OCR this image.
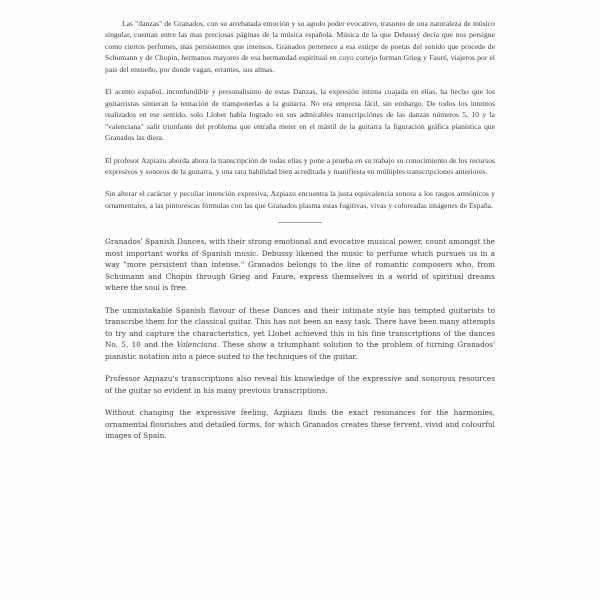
Las "danzas" de Granados, con su arrebatada emoción y su agudo poder evocativo, trasunto de una naturaleza de músico singular, cuentan entre las mas preciosas páginas de la música española. Música de la que Debussy decía que nos persigue como ciertos perfumes, mas persistentes que intensos. Granados pertenece a esa estirpe de poetas del sonido que procede de Schumann y de Chopin, hermanos mayores de esa hermandad espiritual en cuyo cortejo forman Grieg y Fauré, viajeros por el pais del ensueño, por donde vagan, errantes, sus almas.

El acento español, inconfundible y personalisimo de estas Danzas, la expresión intima cuajada en ellas, ha hecho que los guitarristas sintieran la tentación de transponerlas a la guitarra. No era empresa fácil, sin embargo. De todos los intentos realizados en ese sentido, solo Llobet había logrado en sus admirables transcripciónes de las danzas números 5, 10 y la "valenciana" salir triunfante del problema que entraña meter en el mástil de la guitarra la figuración gráfica pianística que Granados las diera.

El profesor Azpiazu aborda ahora la transcripción de todas ellas y pone a prueba en su trabajo su conocimiento de los recursos expresivos y sonoros de la guitarra, y una rara habilidad bien acreditada y manifiesta en múltiples transcripciones anteriores.

Sin alterar el carácter y peculiar intención expresiva, Azpiazu encuentra la justa equivalencia sonora a los rasgos armónicos y ornamentales, a las pintorescas fórmulas con las que Granados plasma estas fugitivas, vivas y coloreadas imágenes de España.

Granados' Spanish Dances, with their strong emotional and evocative musical power, count amongst the most important works of Spanish music. Debussy likened the music to perfume which pursues us in a way "more persistent than intense." Granados belongs to the line of romantic composers who, from Schumann and Chopin through Grieg and Faure, express themselves in a world of spiritual dreams where the soul is free.

The unmistakable Spanish flavour of these Dances and their intimate style has tempted guitarists to transcribe them for the classical guitar. This has not been an easy task. There have been many attempts to try and capture the characteristics, yet Llobet achieved this in his fine transcriptions of the dances No. 5, 10 and the Valenciana. These show a triumphant solution to the problem of turning Granados' pianistic notation into a piece suited to the techniques of the guitar.

Professor Azpiazu's transcriptions also reveal his knowledge of the expressive and sonorous resources of the guitar so evident in his many previous transcriptions.

Without changing the expressive feeling, Azpiazu finds the exact resonances for the harmonies, ornamental flourishes and detailed forms, for which Granados creates these fervent, vivid and colourful images of Spain.
